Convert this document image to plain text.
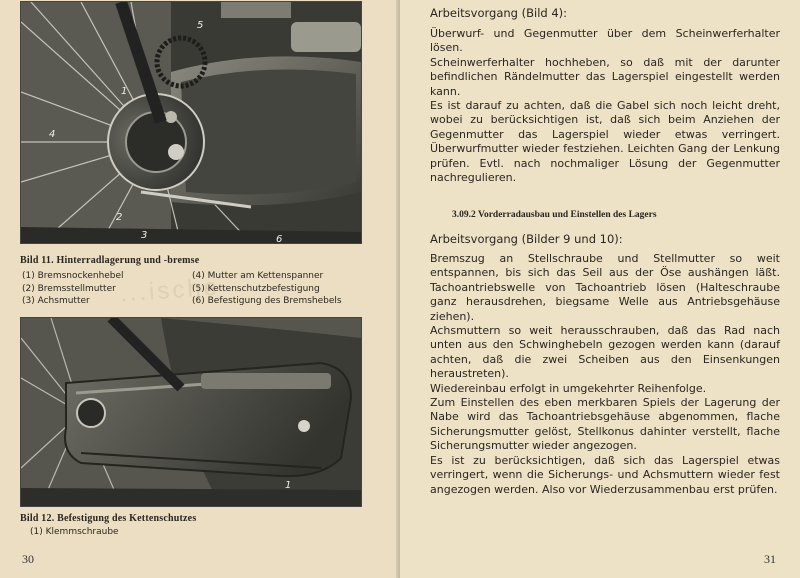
1
2
3
4
5
6
Bild 11. Hinterradlagerung und -bremse
(1) Bremsnockenhebel	(4) Mutter am Kettenspanner
(2) Bremsstellmutter	(5) Kettenschutzbefestigung
(3) Achsmutter	(6) Befestigung des Bremshebels
...ische
1
Bild 12. Befestigung des Kettenschutzes
(1) Klemmschraube
30
Arbeitsvorgang (Bild 4):

Überwurf- und Gegenmutter über dem Scheinwerferhalter lösen.

Scheinwerferhalter hochheben, so daß mit der darunter befindlichen Rändelmutter das Lagerspiel eingestellt werden kann.

Es ist darauf zu achten, daß die Gabel sich noch leicht dreht, wobei zu berücksichtigen ist, daß sich beim Anziehen der Gegenmutter das Lagerspiel wieder etwas verringert. Überwurfmutter wieder festziehen. Leichten Gang der Lenkung prüfen. Evtl. nach nochmaliger Lösung der Gegenmutter nachregulieren.

3.09.2 Vorderradausbau und Einstellen des Lagers
Arbeitsvorgang (Bilder 9 und 10):

Bremszug an Stellschraube und Stellmutter so weit entspannen, bis sich das Seil aus der Öse aushängen läßt. Tachoantriebswelle von Tachoantrieb lösen (Halteschraube ganz herausdrehen, biegsame Welle aus Antriebsgehäuse ziehen).

Achsmuttern so weit herausschrauben, daß das Rad nach unten aus den Schwinghebeln gezogen werden kann (darauf achten, daß die zwei Scheiben aus den Einsenkungen heraustreten).

Wiedereinbau erfolgt in umgekehrter Reihenfolge.

Zum Einstellen des eben merkbaren Spiels der Lagerung der Nabe wird das Tachoantriebsgehäuse abgenommen, flache Sicherungsmutter gelöst, Stellkonus dahinter verstellt, flache Sicherungsmutter wieder angezogen.

Es ist zu berücksichtigen, daß sich das Lagerspiel etwas verringert, wenn die Sicherungs- und Achsmuttern wieder fest angezogen werden. Also vor Wiederzusammenbau erst prüfen.

31
